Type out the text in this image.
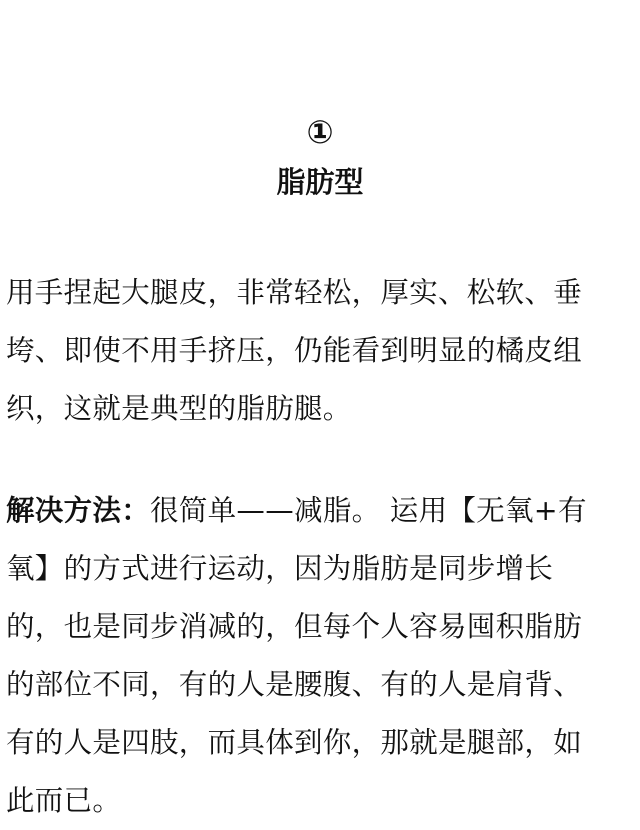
①
脂肪型
用手捏起大腿皮，非常轻松，厚实、松软、垂
垮、即使不用手挤压，仍能看到明显的橘皮组
织，这就是典型的脂肪腿。
解决方法：很简单——减脂。 运用【无氧+有
氧】的方式进行运动，因为脂肪是同步增长
的，也是同步消减的，但每个人容易囤积脂肪
的部位不同，有的人是腰腹、有的人是肩背、
有的人是四肢，而具体到你，那就是腿部，如
此而已。
